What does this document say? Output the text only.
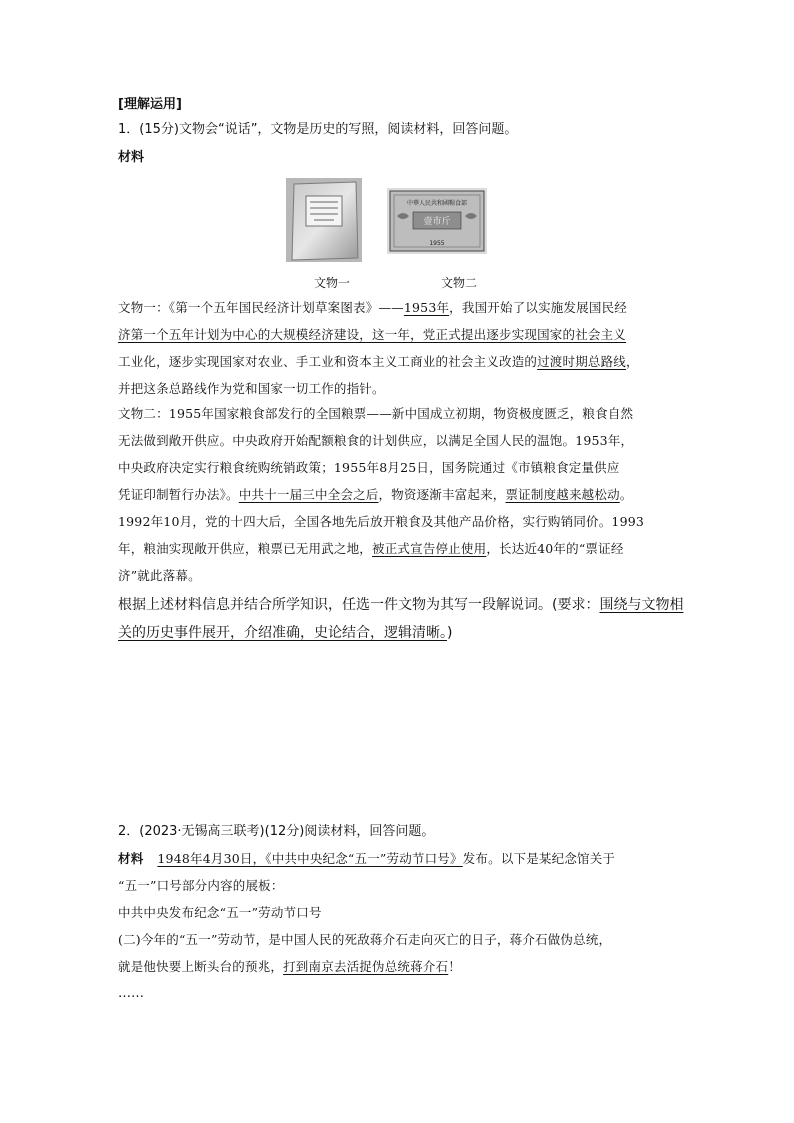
[理解运用]
1．(15分)文物会“说话”，文物是历史的写照，阅读材料，回答问题。
材料
中華人民共和國糧食部
壹市斤
1955
文物一	文物二
文物一：《第一个五年国民经济计划草案图表》——1953年，我国开始了以实施发展国民经
济第一个五年计划为中心的大规模经济建设，这一年，党正式提出逐步实现国家的社会主义
工业化，逐步实现国家对农业、手工业和资本主义工商业的社会主义改造的过渡时期总路线，
并把这条总路线作为党和国家一切工作的指针。
文物二：1955年国家粮食部发行的全国粮票——新中国成立初期，物资极度匮乏，粮食自然
无法做到敞开供应。中央政府开始配额粮食的计划供应，以满足全国人民的温饱。1953年，
中央政府决定实行粮食统购统销政策；1955年8月25日，国务院通过《市镇粮食定量供应
凭证印制暂行办法》。中共十一届三中全会之后，物资逐渐丰富起来，票证制度越来越松动。
1992年10月，党的十四大后，全国各地先后放开粮食及其他产品价格，实行购销同价。1993
年，粮油实现敞开供应，粮票已无用武之地，被正式宣告停止使用，长达近40年的“票证经
济”就此落幕。
根据上述材料信息并结合所学知识，任选一件文物为其写一段解说词。(要求：围绕与文物相
关的历史事件展开，介绍准确，史论结合，逻辑清晰。)
2．(2023·无锡高三联考)(12分)阅读材料，回答问题。
材料 1948年4月30日，《中共中央纪念“五一”劳动节口号》发布。以下是某纪念馆关于
“五一”口号部分内容的展板：
中共中央发布纪念“五一”劳动节口号
(二)今年的“五一”劳动节，是中国人民的死敌蒋介石走向灭亡的日子，蒋介石做伪总统，
就是他快要上断头台的预兆，打到南京去活捉伪总统蒋介石！
……
